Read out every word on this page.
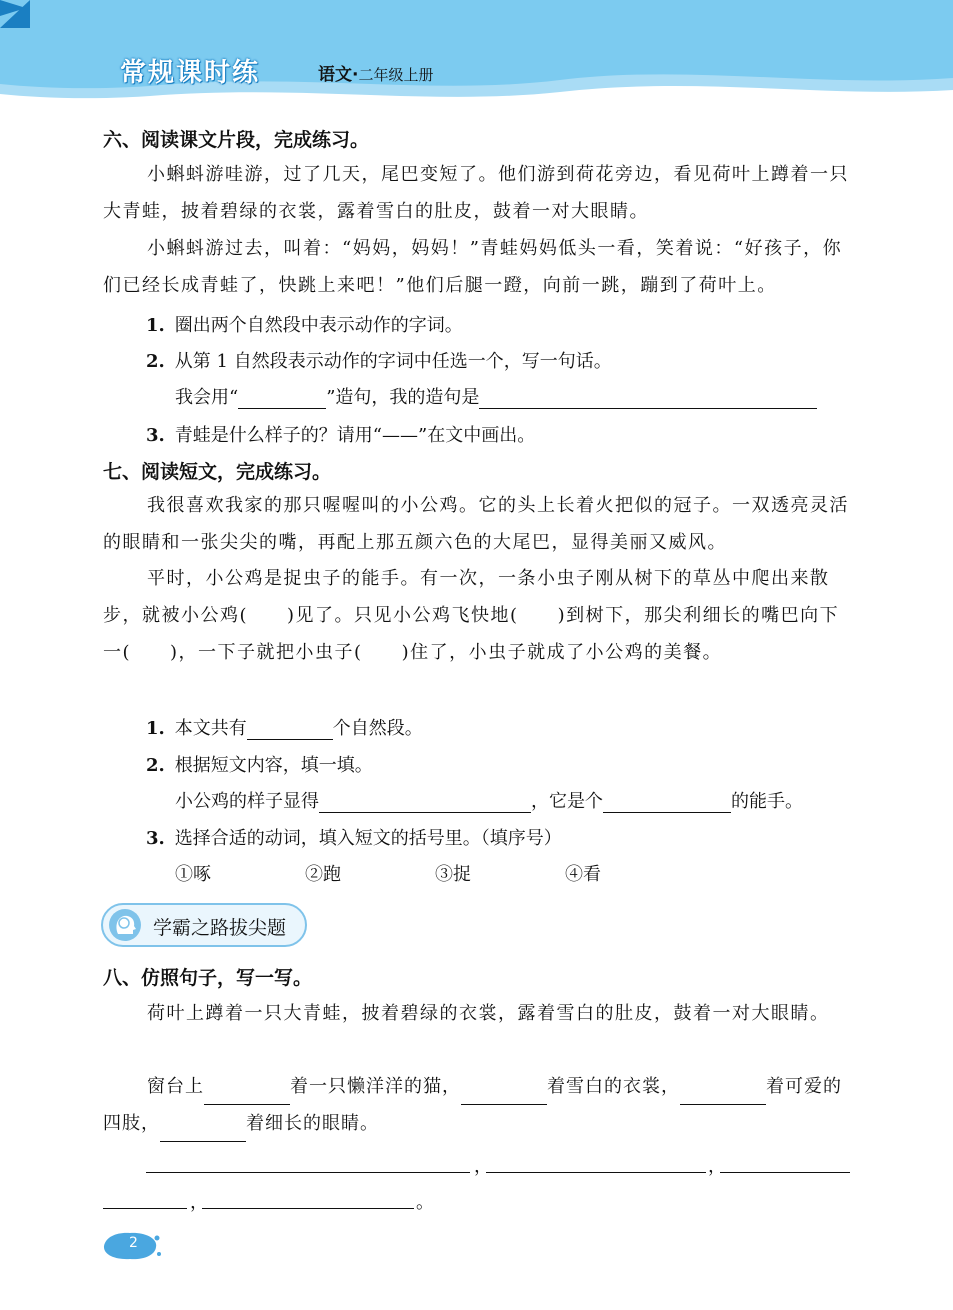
常规课时练	语文·二年级上册
六、阅读课文片段，完成练习。
小蝌蚪游哇游，过了几天，尾巴变短了。他们游到荷花旁边，看见荷叶上蹲着一只大青蛙，披着碧绿的衣裳，露着雪白的肚皮，鼓着一对大眼睛。
小蝌蚪游过去，叫着：“妈妈，妈妈！”青蛙妈妈低头一看，笑着说：“好孩子，你们已经长成青蛙了，快跳上来吧！”他们后腿一蹬，向前一跳，蹦到了荷叶上。
1. 圈出两个自然段中表示动作的字词。
2. 从第 1 自然段表示动作的字词中任选一个，写一句话。
我会用“	”造句，我的造句是
3. 青蛙是什么样子的？请用“——”在文中画出。
七、阅读短文，完成练习。
我很喜欢我家的那只喔喔叫的小公鸡。它的头上长着火把似的冠子。一双透亮灵活的眼睛和一张尖尖的嘴，再配上那五颜六色的大尾巴，显得美丽又威风。
平时，小公鸡是捉虫子的能手。有一次，一条小虫子刚从树下的草丛中爬出来散步，就被小公鸡(　　)见了。只见小公鸡飞快地(　　)到树下，那尖利细长的嘴巴向下一(　　)，一下子就把小虫子(　　)住了，小虫子就成了小公鸡的美餐。
1. 本文共有	个自然段。
2. 根据短文内容，填一填。
小公鸡的样子显得	，它是个	的能手。
3. 选择合适的动词，填入短文的括号里。（填序号）
①啄	②跑	③捉	④看
学霸之路拔尖题
八、仿照句子，写一写。
荷叶上蹲着一只大青蛙，披着碧绿的衣裳，露着雪白的肚皮，鼓着一对大眼睛。
窗台上	着一只懒洋洋的猫，	着雪白的衣裳，	着可爱的四肢，	着细长的眼睛。
，	，
，	。
2
